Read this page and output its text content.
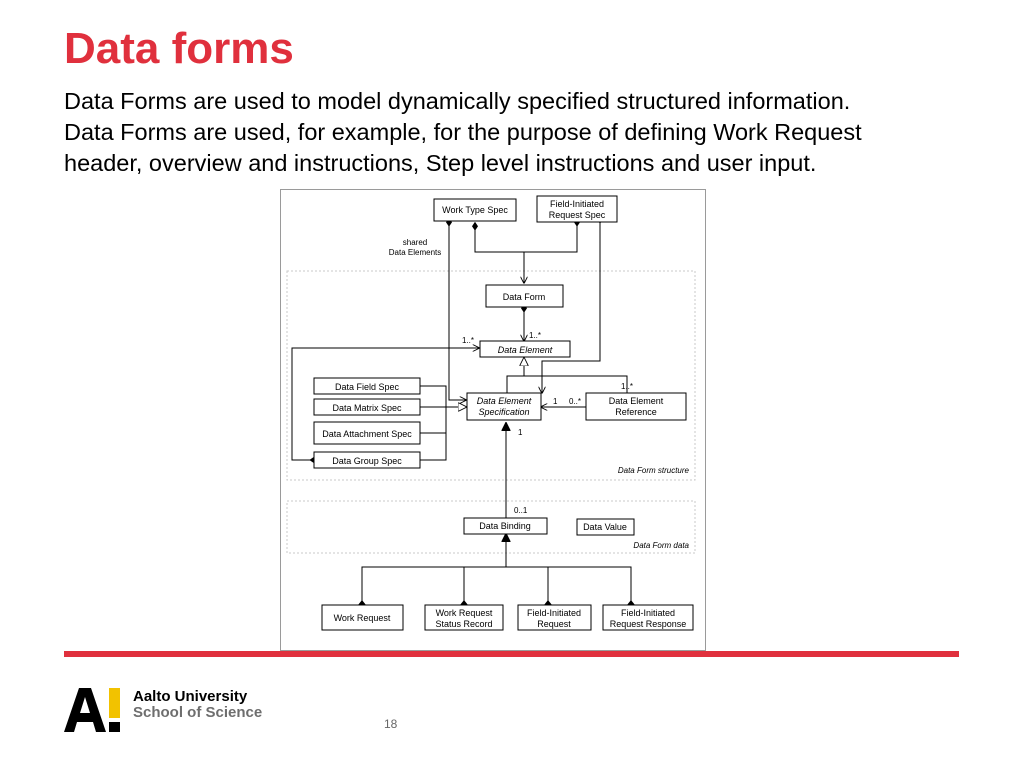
Data forms
Data Forms are used to model dynamically specified structured information.
Data Forms are used, for example, for the purpose of defining Work Request
header, overview and instructions, Step level instructions and user input.
Work Type Spec
Field-Initiated
Request Spec
Data Form
Data Element
Data Field Spec
Data Matrix Spec
Data Attachment Spec
Data Group Spec
Data Element
Specification
Data Element
Reference
Data Binding	Data Value
Work Request	Work Request
Status Record
Field-Initiated
Request
Field-Initiated
Request Response
shared
Data Elements
1..*
1..*
1 0..*
1..*
1
0..1
Data Form structure
Data Form data
Aalto University
School of Science
18
